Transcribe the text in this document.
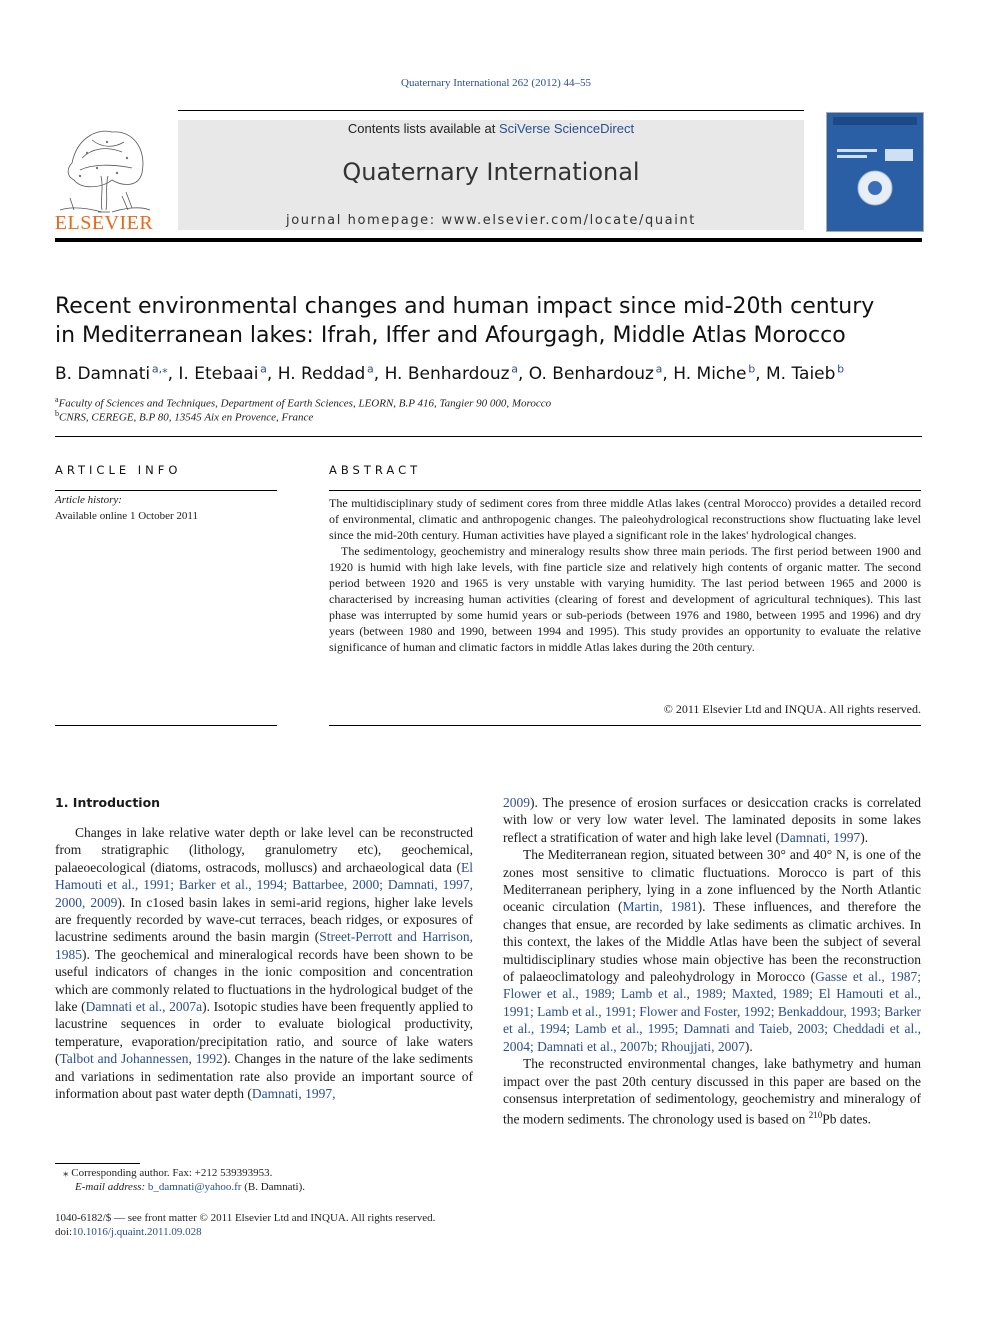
Quaternary International 262 (2012) 44–55
Contents lists available at SciVerse ScienceDirect
Quaternary International
journal homepage: www.elsevier.com/locate/quaint
ELSEVIER
Recent environmental changes and human impact since mid-20th century
in Mediterranean lakes: Ifrah, Iffer and Afourgagh, Middle Atlas Morocco
B. Damnati  $^{a,⁎}$, I. Etebaai  $^a$, H. Reddad  $^a$, H. Benhardouz  $^a$, O. Benhardouz  $^a$, H. Miche  $^b$, M. Taieb  $^b$
$^a$Faculty of Sciences and Techniques, Department of Earth Sciences, LEORN, B.P 416, Tangier 90 000, Morocco
$^b$CNRS, CEREGE, B.P 80, 13545 Aix en Provence, France
ARTICLE INFO
Article history:
Available online 1 October 2011
ABSTRACT

The multidisciplinary study of sediment cores from three middle Atlas lakes (central Morocco) provides a detailed record of environmental, climatic and anthropogenic changes. The paleohydrological reconstructions show fluctuating lake level since the mid-20th century. Human activities have played a significant role in the lakes' hydrological changes.

The sedimentology, geochemistry and mineralogy results show three main periods. The first period between 1900 and 1920 is humid with high lake levels, with fine particle size and relatively high contents of organic matter. The second period between 1920 and 1965 is very unstable with varying humidity. The last period between 1965 and 2000 is characterised by increasing human activities (clearing of forest and development of agricultural techniques). This last phase was interrupted by some humid years or sub-periods (between 1976 and 1980, between 1995 and 1996) and dry years (between 1980 and 1990, between 1994 and 1995). This study provides an opportunity to evaluate the relative significance of human and climatic factors in middle Atlas lakes during the 20th century.

© 2011 Elsevier Ltd and INQUA. All rights reserved.
1. Introduction

Changes in lake relative water depth or lake level can be reconstructed from stratigraphic (lithology, granulometry etc), geochemical, palaeoecological (diatoms, ostracods, molluscs) and archaeological data (El Hamouti et al., 1991; Barker et al., 1994; Battarbee, 2000; Damnati, 1997, 2000, 2009). In c1osed basin lakes in semi-arid regions, higher lake levels are frequently recorded by wave-cut terraces, beach ridges, or exposures of lacustrine sediments around the basin margin (Street-Perrott and Harrison, 1985). The geochemical and mineralogical records have been shown to be useful indicators of changes in the ionic composition and concentration which are commonly related to fluctuations in the hydrological budget of the lake (Damnati et al., 2007a). Isotopic studies have been frequently applied to lacustrine sequences in order to evaluate biological productivity, temperature, evaporation/precipitation ratio, and source of lake waters (Talbot and Johannessen, 1992). Changes in the nature of the lake sediments and variations in sedimentation rate also provide an important source of information about past water depth (Damnati, 1997,

2009). The presence of erosion surfaces or desiccation cracks is correlated with low or very low water level. The laminated deposits in some lakes reflect a stratification of water and high lake level (Damnati, 1997).

The Mediterranean region, situated between 30° and 40° N, is one of the zones most sensitive to climatic fluctuations. Morocco is part of this Mediterranean periphery, lying in a zone influenced by the North Atlantic oceanic circulation (Martin, 1981). These influences, and therefore the changes that ensue, are recorded by lake sediments as climatic archives. In this context, the lakes of the Middle Atlas have been the subject of several multidisciplinary studies whose main objective has been the reconstruction of palaeoclimatology and paleohydrology in Morocco (Gasse et al., 1987; Flower et al., 1989; Lamb et al., 1989; Maxted, 1989; El Hamouti et al., 1991; Lamb et al., 1991; Flower and Foster, 1992; Benkaddour, 1993; Barker et al., 1994; Lamb et al., 1995; Damnati and Taieb, 2003; Cheddadi et al., 2004; Damnati et al., 2007b; Rhoujjati, 2007).

The reconstructed environmental changes, lake bathymetry and human impact over the past 20th century discussed in this paper are based on the consensus interpretation of sedimentology, geochemistry and mineralogy of the modern sediments. The chronology used is based on $^{210}$Pb dates.

⁎ Corresponding author. Fax: +212 539393953.
E-mail address: b_damnati@yahoo.fr (B. Damnati).
1040-6182/$ — see front matter © 2011 Elsevier Ltd and INQUA. All rights reserved.
doi:10.1016/j.quaint.2011.09.028
